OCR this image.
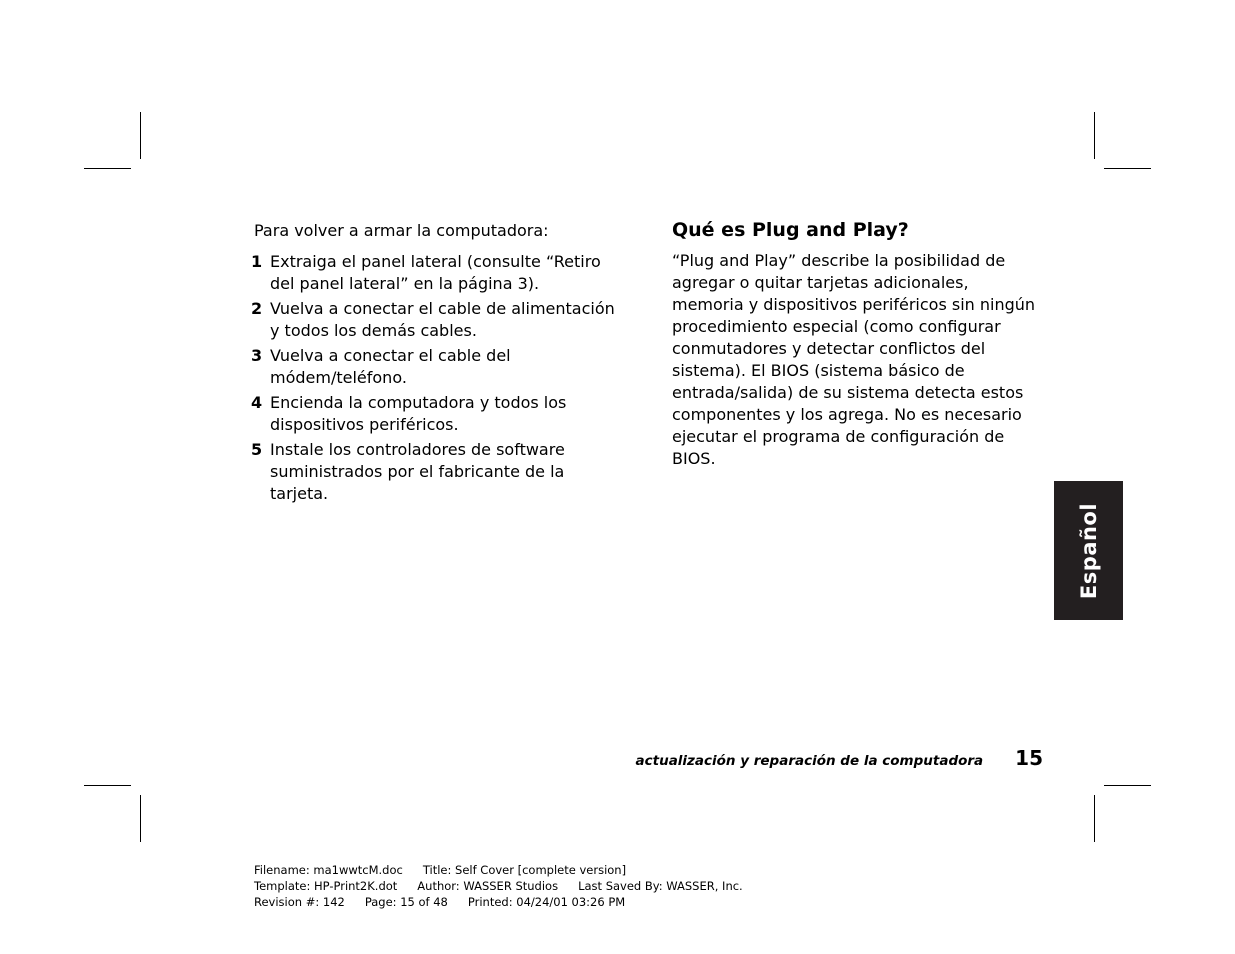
Para volver a armar la computadora:

1 Extraiga el panel lateral (consulte “Retiro del panel lateral” en la página 3).
2 Vuelva a conectar el cable de alimentación y todos los demás cables.
3 Vuelva a conectar el cable del módem/teléfono.
4 Encienda la computadora y todos los dispositivos periféricos.
5 Instale los controladores de software suministrados por el fabricante de la tarjeta.
Qué es Plug and Play?

“Plug and Play” describe la posibilidad de agregar o quitar tarjetas adicionales, memoria y dispositivos periféricos sin ningún procedimiento especial (como configurar conmutadores y detectar conflictos del sistema). El BIOS (sistema básico de entrada/salida) de su sistema detecta estos componentes y los agrega. No es necesario ejecutar el programa de configuración de BIOS.

Español
actualización y reparación de la computadora 15
Filename: ma1wwtcM.doc Title: Self Cover [complete version]
Template: HP-Print2K.dot Author: WASSER Studios Last Saved By: WASSER, Inc.
Revision #: 142 Page: 15 of 48 Printed: 04/24/01 03:26 PM
